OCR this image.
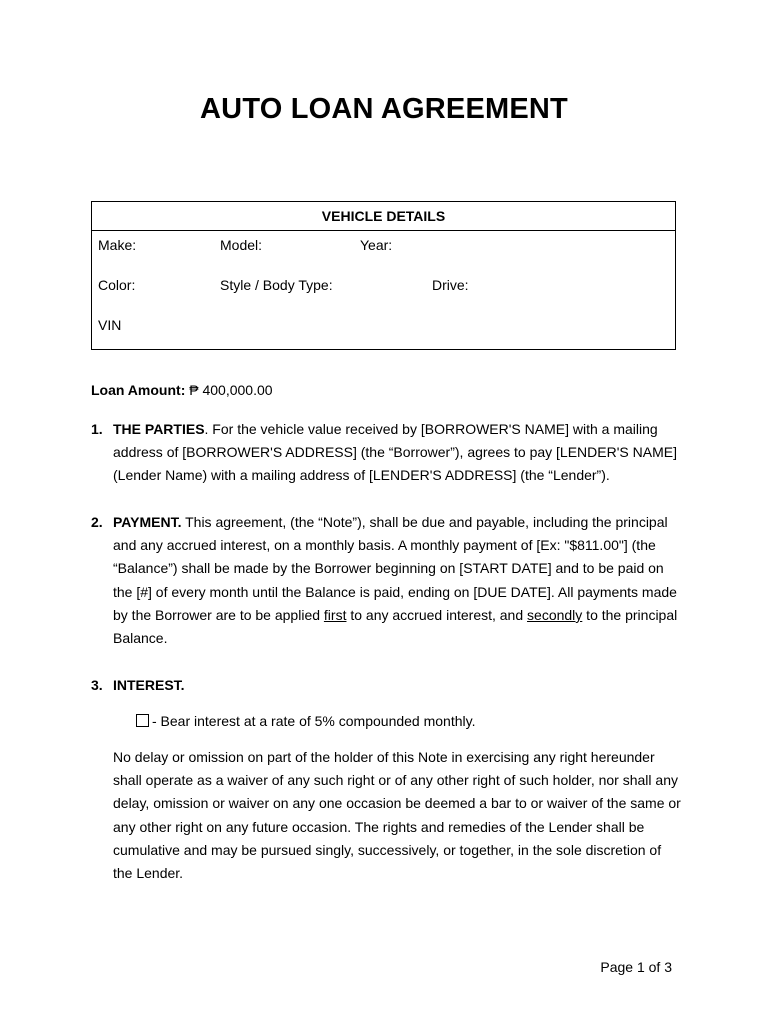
AUTO LOAN AGREEMENT
VEHICLE DETAILS
Make:	Model:	Year:
Color:	Style / Body Type:	Drive:
VIN
Loan Amount: ₱ 400,000.00
1. THE PARTIES. For the vehicle value received by [BORROWER'S NAME] with a mailing address of [BORROWER'S ADDRESS] (the “Borrower”), agrees to pay [LENDER'S NAME] (Lender Name) with a mailing address of [LENDER'S ADDRESS] (the “Lender”).
2. PAYMENT. This agreement, (the “Note”), shall be due and payable, including the principal and any accrued interest, on a monthly basis. A monthly payment of [Ex: "$811.00"] (the “Balance”) shall be made by the Borrower beginning on [START DATE] and to be paid on the [#] of every month until the Balance is paid, ending on [DUE DATE]. All payments made by the Borrower are to be applied first to any accrued interest, and secondly to the principal Balance.
3. INTEREST.
- Bear interest at a rate of 5% compounded monthly.
No delay or omission on part of the holder of this Note in exercising any right hereunder shall operate as a waiver of any such right or of any other right of such holder, nor shall any delay, omission or waiver on any one occasion be deemed a bar to or waiver of the same or any other right on any future occasion. The rights and remedies of the Lender shall be cumulative and may be pursued singly, successively, or together, in the sole discretion of the Lender.
Page 1 of 3
